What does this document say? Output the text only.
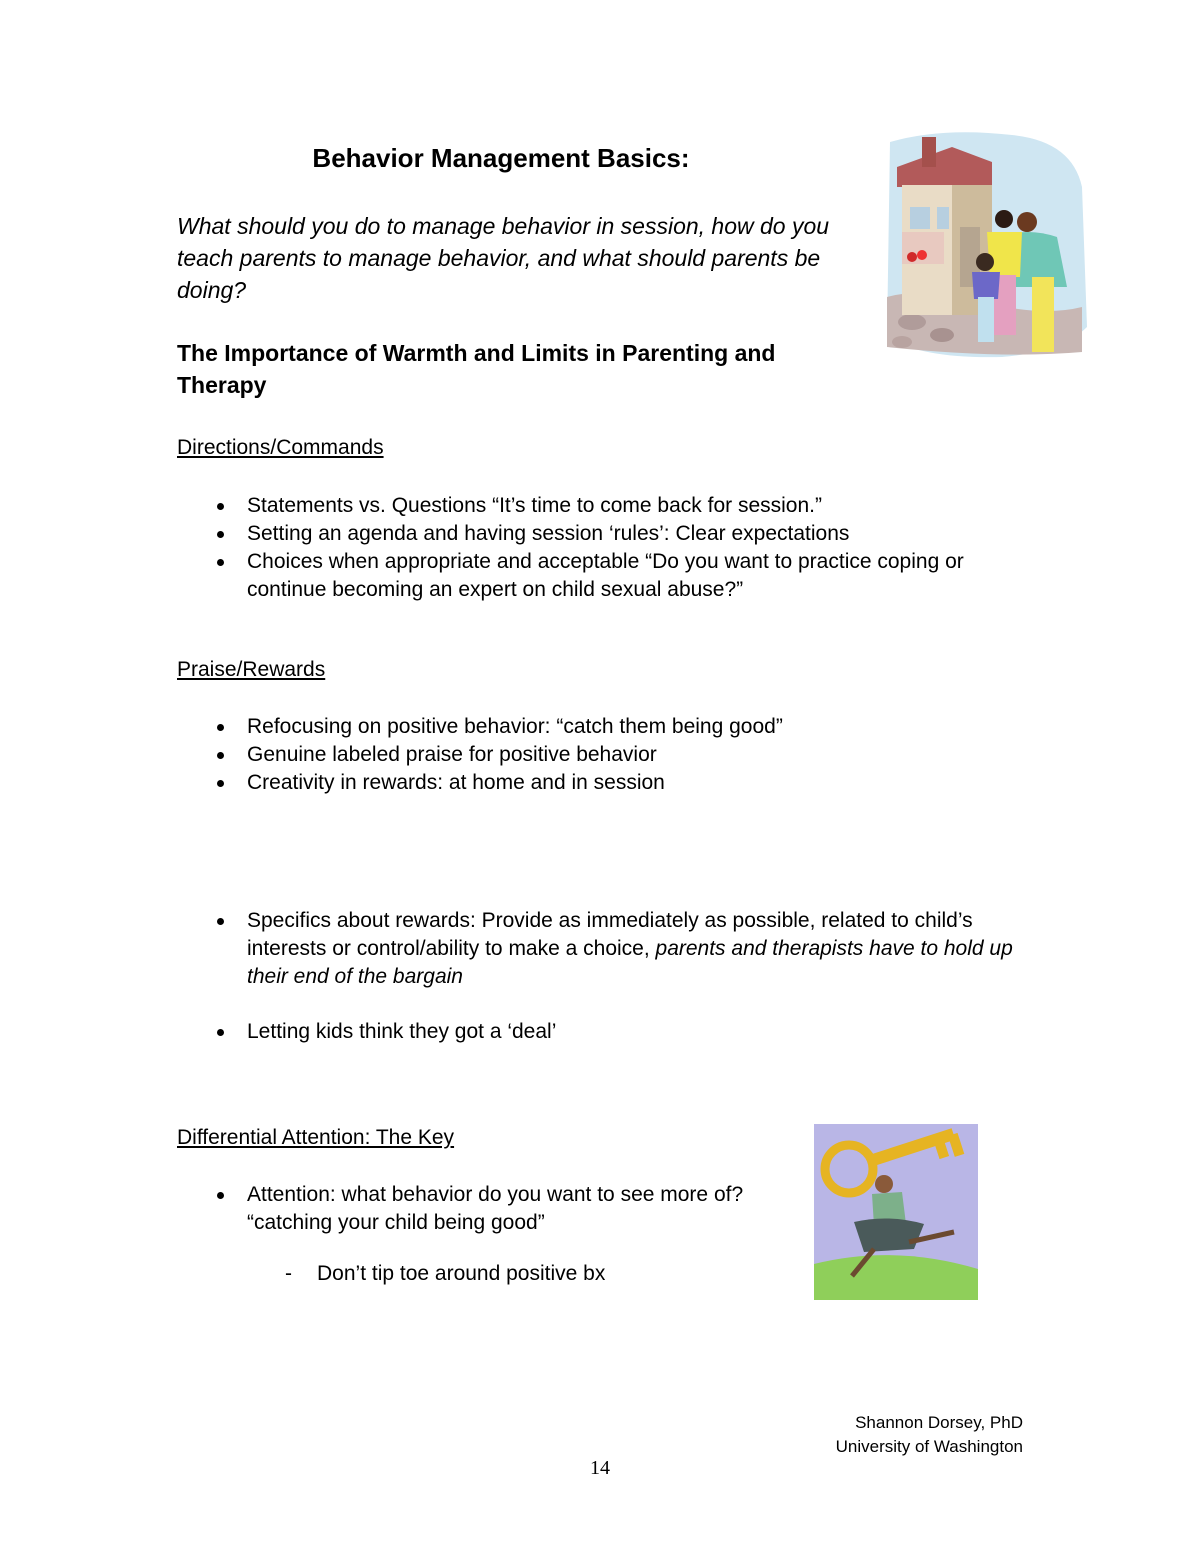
Behavior Management Basics:
What should you do to manage behavior in session, how do you teach parents to manage behavior, and what should parents be doing?
The Importance of Warmth and Limits in Parenting and Therapy
Directions/Commands
Statements vs. Questions “It’s time to come back for session.”
Setting an agenda and having session ‘rules’: Clear expectations
Choices when appropriate and acceptable “Do you want to practice coping or continue becoming an expert on child sexual abuse?”
Praise/Rewards
Refocusing on positive behavior: “catch them being good”
Genuine labeled praise for positive behavior
Creativity in rewards: at home and in session
Specifics about rewards: Provide as immediately as possible, related to child’s interests or control/ability to make a choice, parents and therapists have to hold up their end of the bargain
Letting kids think they got a ‘deal’
Differential Attention: The Key
Attention: what behavior do you want to see more of? “catching your child being good”
- Don’t tip toe around positive bx
Shannon Dorsey, PhD
University of Washington
14
